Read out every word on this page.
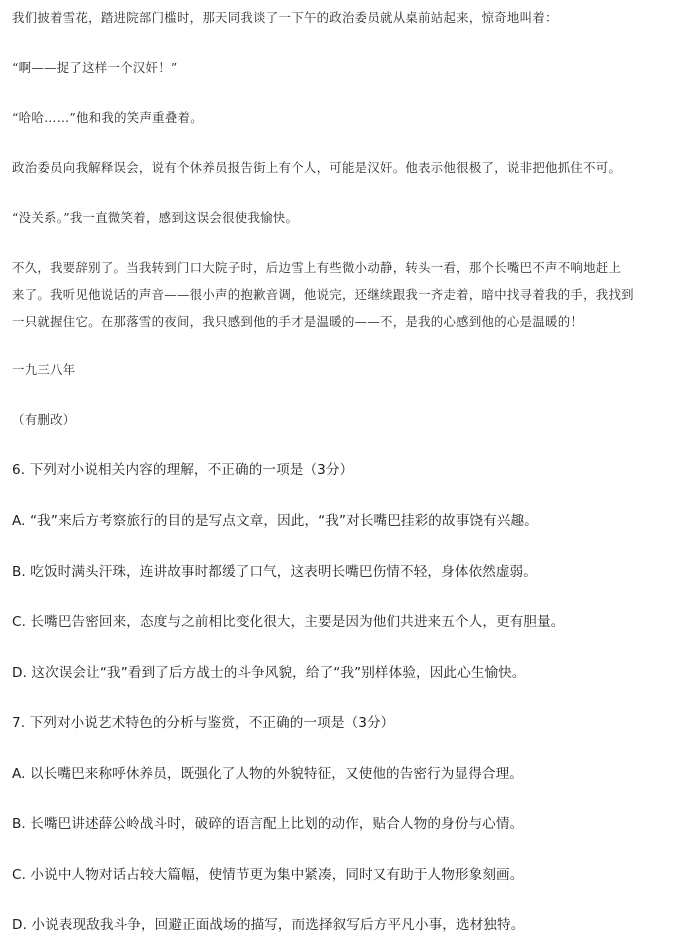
我们披着雪花，踏进院部门槛时，那天同我谈了一下午的政治委员就从桌前站起来，惊奇地叫着：
“啊——捉了这样一个汉奸！”
“哈哈……”他和我的笑声重叠着。
政治委员向我解释误会，说有个休养员报告街上有个人，可能是汉奸。他表示他很极了，说非把他抓住不可。
“没关系。”我一直微笑着，感到这误会很使我愉快。
不久，我要辞别了。当我转到门口大院子时，后边雪上有些微小动静，转头一看，那个长嘴巴不声不响地赶上
来了。我听见他说话的声音——很小声的抱歉音调，他说完，还继续跟我一齐走着，暗中找寻着我的手，我找到
一只就握住它。在那落雪的夜间，我只感到他的手才是温暖的——不，是我的心感到他的心是温暖的！
一九三八年
（有删改）
6. 下列对小说相关内容的理解，不正确的一项是（3分）
A. “我”来后方考察旅行的目的是写点文章，因此，“我”对长嘴巴挂彩的故事饶有兴趣。
B. 吃饭时满头汗珠，连讲故事时都缓了口气，这表明长嘴巴伤情不轻，身体依然虚弱。
C. 长嘴巴告密回来，态度与之前相比变化很大，主要是因为他们共进来五个人，更有胆量。
D. 这次误会让“我”看到了后方战士的斗争风貌，给了“我”别样体验，因此心生愉快。
7. 下列对小说艺术特色的分析与鉴赏，不正确的一项是（3分）
A. 以长嘴巴来称呼休养员，既强化了人物的外貌特征，又使他的告密行为显得合理。
B. 长嘴巴讲述薛公岭战斗时，破碎的语言配上比划的动作，贴合人物的身份与心情。
C. 小说中人物对话占较大篇幅，使情节更为集中紧凑，同时又有助于人物形象刻画。
D. 小说表现敌我斗争，回避正面战场的描写，而选择叙写后方平凡小事，选材独特。
